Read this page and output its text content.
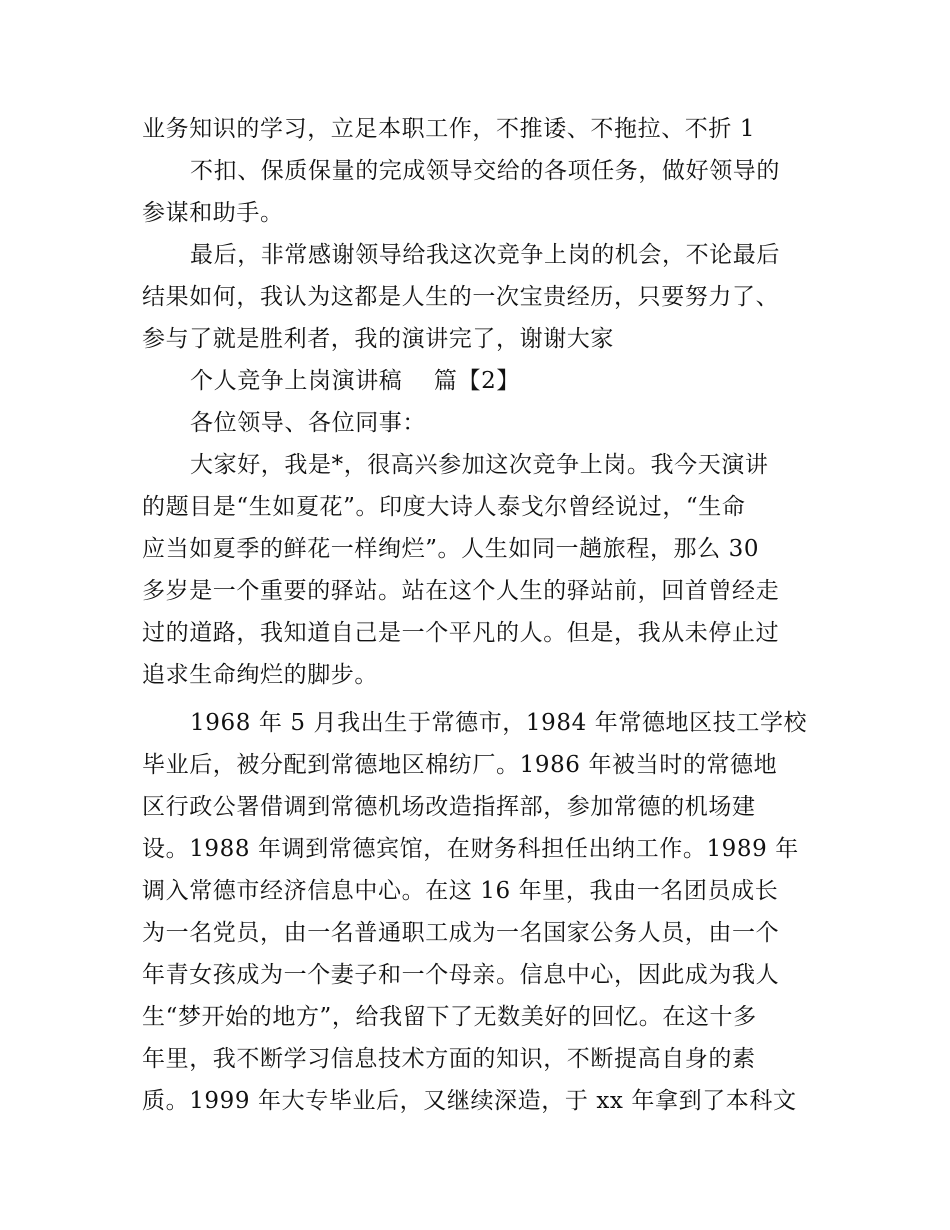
业务知识的学习，立足本职工作，不推诿、不拖拉、不折 1
不扣、保质保量的完成领导交给的各项任务，做好领导的
参谋和助手。
最后，非常感谢领导给我这次竞争上岗的机会，不论最后
结果如何，我认为这都是人生的一次宝贵经历，只要努力了、
参与了就是胜利者，我的演讲完了，谢谢大家
个人竞争上岗演讲稿　 篇【2】
各位领导、各位同事：
大家好，我是*，很高兴参加这次竞争上岗。我今天演讲
的题目是“生如夏花”。印度大诗人泰戈尔曾经说过，“生命
应当如夏季的鲜花一样绚烂”。人生如同一趟旅程，那么 30
多岁是一个重要的驿站。站在这个人生的驿站前，回首曾经走
过的道路，我知道自己是一个平凡的人。但是，我从未停止过
追求生命绚烂的脚步。
1968 年 5 月我出生于常德市，1984 年常德地区技工学校
毕业后，被分配到常德地区棉纺厂。1986 年被当时的常德地
区行政公署借调到常德机场改造指挥部，参加常德的机场建
设。1988 年调到常德宾馆，在财务科担任出纳工作。1989 年
调入常德市经济信息中心。在这 16 年里，我由一名团员成长
为一名党员，由一名普通职工成为一名国家公务人员，由一个
年青女孩成为一个妻子和一个母亲。信息中心，因此成为我人
生“梦开始的地方”，给我留下了无数美好的回忆。在这十多
年里，我不断学习信息技术方面的知识，不断提高自身的素
质。1999 年大专毕业后，又继续深造，于 xx 年拿到了本科文
